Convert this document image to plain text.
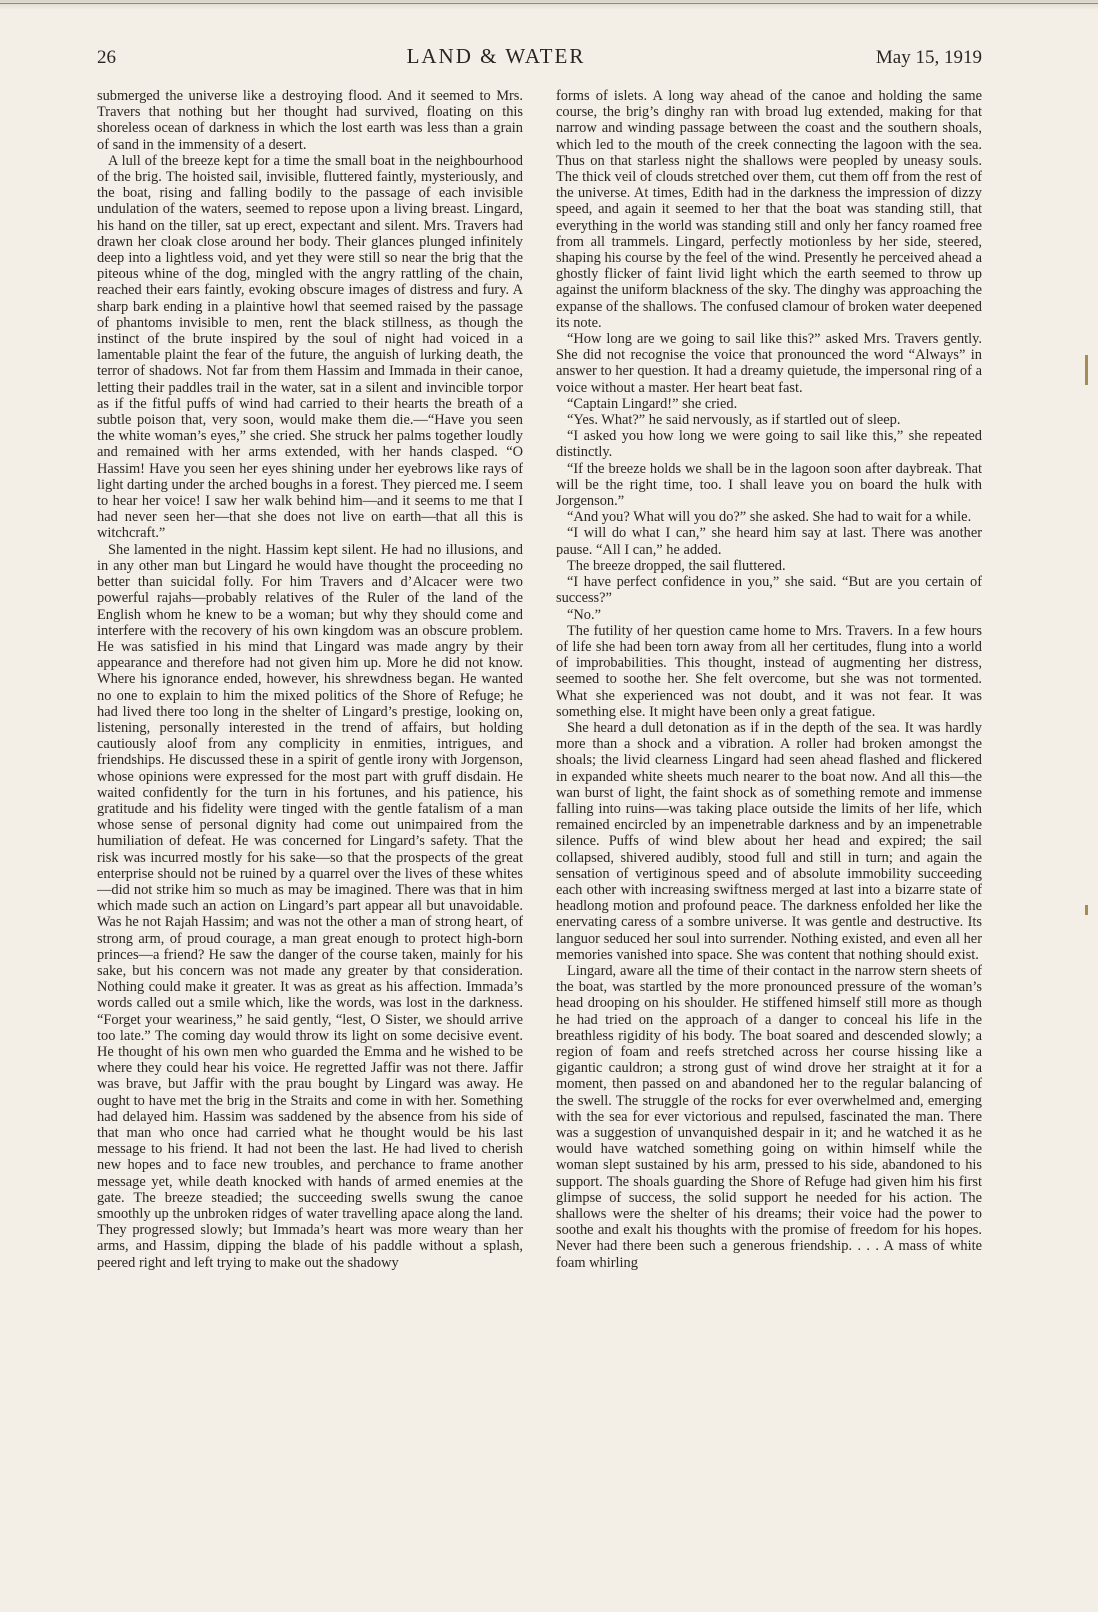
26	LAND & WATER	May 15, 1919

submerged the universe like a destroying flood. And it seemed to Mrs. Travers that nothing but her thought had survived, floating on this shoreless ocean of darkness in which the lost earth was less than a grain of sand in the immensity of a desert.

A lull of the breeze kept for a time the small boat in the neighbourhood of the brig. The hoisted sail, invisible, fluttered faintly, mysteriously, and the boat, rising and falling bodily to the passage of each invisible undulation of the waters, seemed to repose upon a living breast. Lingard, his hand on the tiller, sat up erect, expectant and silent. Mrs. Travers had drawn her cloak close around her body. Their glances plunged infinitely deep into a lightless void, and yet they were still so near the brig that the piteous whine of the dog, mingled with the angry rattling of the chain, reached their ears faintly, evoking obscure images of distress and fury. A sharp bark ending in a plaintive howl that seemed raised by the passage of phantoms invisible to men, rent the black stillness, as though the instinct of the brute inspired by the soul of night had voiced in a lamentable plaint the fear of the future, the anguish of lurking death, the terror of shadows. Not far from them Hassim and Immada in their canoe, letting their paddles trail in the water, sat in a silent and invincible torpor as if the fitful puffs of wind had carried to their hearts the breath of a subtle poison that, very soon, would make them die.—“Have you seen the white woman’s eyes,” she cried. She struck her palms together loudly and remained with her arms extended, with her hands clasped. “O Hassim! Have you seen her eyes shining under her eyebrows like rays of light darting under the arched boughs in a forest. They pierced me. I seem to hear her voice! I saw her walk behind him—and it seems to me that I had never seen her—that she does not live on earth—that all this is witchcraft.”

She lamented in the night. Hassim kept silent. He had no illusions, and in any other man but Lingard he would have thought the proceeding no better than suicidal folly. For him Travers and d’Alcacer were two powerful rajahs—probably relatives of the Ruler of the land of the English whom he knew to be a woman; but why they should come and interfere with the recovery of his own kingdom was an obscure problem. He was satisfied in his mind that Lingard was made angry by their appearance and therefore had not given him up. More he did not know. Where his ignorance ended, however, his shrewdness began. He wanted no one to explain to him the mixed politics of the Shore of Refuge; he had lived there too long in the shelter of Lingard’s prestige, looking on, listening, personally interested in the trend of affairs, but holding cautiously aloof from any complicity in enmities, intrigues, and friendships. He discussed these in a spirit of gentle irony with Jorgenson, whose opinions were expressed for the most part with gruff disdain. He waited confidently for the turn in his fortunes, and his patience, his gratitude and his fidelity were tinged with the gentle fatalism of a man whose sense of personal dignity had come out unimpaired from the humiliation of defeat. He was concerned for Lingard’s safety. That the risk was incurred mostly for his sake—so that the prospects of the great enterprise should not be ruined by a quarrel over the lives of these whites—did not strike him so much as may be imagined. There was that in him which made such an action on Lingard’s part appear all but unavoidable. Was he not Rajah Hassim; and was not the other a man of strong heart, of strong arm, of proud courage, a man great enough to protect high-born princes—a friend? He saw the danger of the course taken, mainly for his sake, but his concern was not made any greater by that consideration. Nothing could make it greater. It was as great as his affection. Immada’s words called out a smile which, like the words, was lost in the darkness. “Forget your weariness,” he said gently, “lest, O Sister, we should arrive too late.” The coming day would throw its light on some decisive event. He thought of his own men who guarded the Emma and he wished to be where they could hear his voice. He regretted Jaffir was not there. Jaffir was brave, but Jaffir with the prau bought by Lingard was away. He ought to have met the brig in the Straits and come in with her. Something had delayed him. Hassim was saddened by the absence from his side of that man who once had carried what he thought would be his last message to his friend. It had not been the last. He had lived to cherish new hopes and to face new troubles, and perchance to frame another message yet, while death knocked with hands of armed enemies at the gate. The breeze steadied; the succeeding swells swung the canoe smoothly up the unbroken ridges of water travelling apace along the land. They progressed slowly; but Immada’s heart was more weary than her arms, and Hassim, dipping the blade of his paddle without a splash, peered right and left trying to make out the shadowy

forms of islets. A long way ahead of the canoe and holding the same course, the brig’s dinghy ran with broad lug extended, making for that narrow and winding passage between the coast and the southern shoals, which led to the mouth of the creek connecting the lagoon with the sea. Thus on that starless night the shallows were peopled by uneasy souls. The thick veil of clouds stretched over them, cut them off from the rest of the universe. At times, Edith had in the darkness the impression of dizzy speed, and again it seemed to her that the boat was standing still, that everything in the world was standing still and only her fancy roamed free from all trammels. Lingard, perfectly motionless by her side, steered, shaping his course by the feel of the wind. Presently he perceived ahead a ghostly flicker of faint livid light which the earth seemed to throw up against the uniform blackness of the sky. The dinghy was approaching the expanse of the shallows. The confused clamour of broken water deepened its note.

“How long are we going to sail like this?” asked Mrs. Travers gently. She did not recognise the voice that pronounced the word “Always” in answer to her question. It had a dreamy quietude, the impersonal ring of a voice without a master. Her heart beat fast.

“Captain Lingard!” she cried.

“Yes. What?” he said nervously, as if startled out of sleep.

“I asked you how long we were going to sail like this,” she repeated distinctly.

“If the breeze holds we shall be in the lagoon soon after daybreak. That will be the right time, too. I shall leave you on board the hulk with Jorgenson.”

“And you? What will you do?” she asked. She had to wait for a while.

“I will do what I can,” she heard him say at last. There was another pause. “All I can,” he added.

The breeze dropped, the sail fluttered.

“I have perfect confidence in you,” she said. “But are you certain of success?”

“No.”

The futility of her question came home to Mrs. Travers. In a few hours of life she had been torn away from all her certitudes, flung into a world of improbabilities. This thought, instead of augmenting her distress, seemed to soothe her. She felt overcome, but she was not tormented. What she experienced was not doubt, and it was not fear. It was something else. It might have been only a great fatigue.

She heard a dull detonation as if in the depth of the sea. It was hardly more than a shock and a vibration. A roller had broken amongst the shoals; the livid clearness Lingard had seen ahead flashed and flickered in expanded white sheets much nearer to the boat now. And all this—the wan burst of light, the faint shock as of something remote and immense falling into ruins—was taking place outside the limits of her life, which remained encircled by an impenetrable darkness and by an impenetrable silence. Puffs of wind blew about her head and expired; the sail collapsed, shivered audibly, stood full and still in turn; and again the sensation of vertiginous speed and of absolute immobility succeeding each other with increasing swiftness merged at last into a bizarre state of headlong motion and profound peace. The darkness enfolded her like the enervating caress of a sombre universe. It was gentle and destructive. Its languor seduced her soul into surrender. Nothing existed, and even all her memories vanished into space. She was content that nothing should exist.

Lingard, aware all the time of their contact in the narrow stern sheets of the boat, was startled by the more pronounced pressure of the woman’s head drooping on his shoulder. He stiffened himself still more as though he had tried on the approach of a danger to conceal his life in the breathless rigidity of his body. The boat soared and descended slowly; a region of foam and reefs stretched across her course hissing like a gigantic cauldron; a strong gust of wind drove her straight at it for a moment, then passed on and abandoned her to the regular balancing of the swell. The struggle of the rocks for ever overwhelmed and, emerging with the sea for ever victorious and repulsed, fascinated the man. There was a suggestion of unvanquished despair in it; and he watched it as he would have watched something going on within himself while the woman slept sustained by his arm, pressed to his side, abandoned to his support. The shoals guarding the Shore of Refuge had given him his first glimpse of success, the solid support he needed for his action. The shallows were the shelter of his dreams; their voice had the power to soothe and exalt his thoughts with the promise of freedom for his hopes. Never had there been such a generous friendship. . . . A mass of white foam whirling
